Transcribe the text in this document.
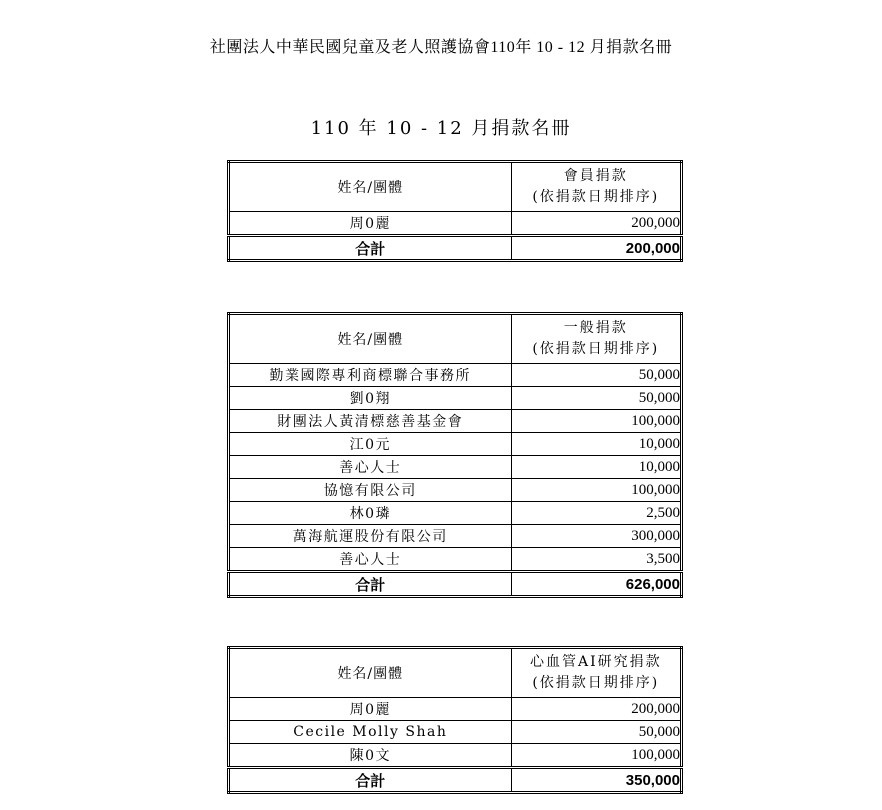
社團法人中華民國兒童及老人照護協會110年 10 - 12 月捐款名冊
110 年 10 - 12 月捐款名冊
姓名/團體	會員捐款
(依捐款日期排序)

周0麗	200,000
合計	200,000
姓名/團體	一般捐款
(依捐款日期排序)

勤業國際專利商標聯合事務所	50,000
劉0翔	50,000
財團法人黃清標慈善基金會	100,000
江0元	10,000
善心人士	10,000
協憶有限公司	100,000
林0璘	2,500
萬海航運股份有限公司	300,000
善心人士	3,500
合計	626,000
姓名/團體	心血管AI研究捐款
(依捐款日期排序)

周0麗	200,000
Cecile Molly Shah	50,000
陳0文	100,000
合計	350,000
